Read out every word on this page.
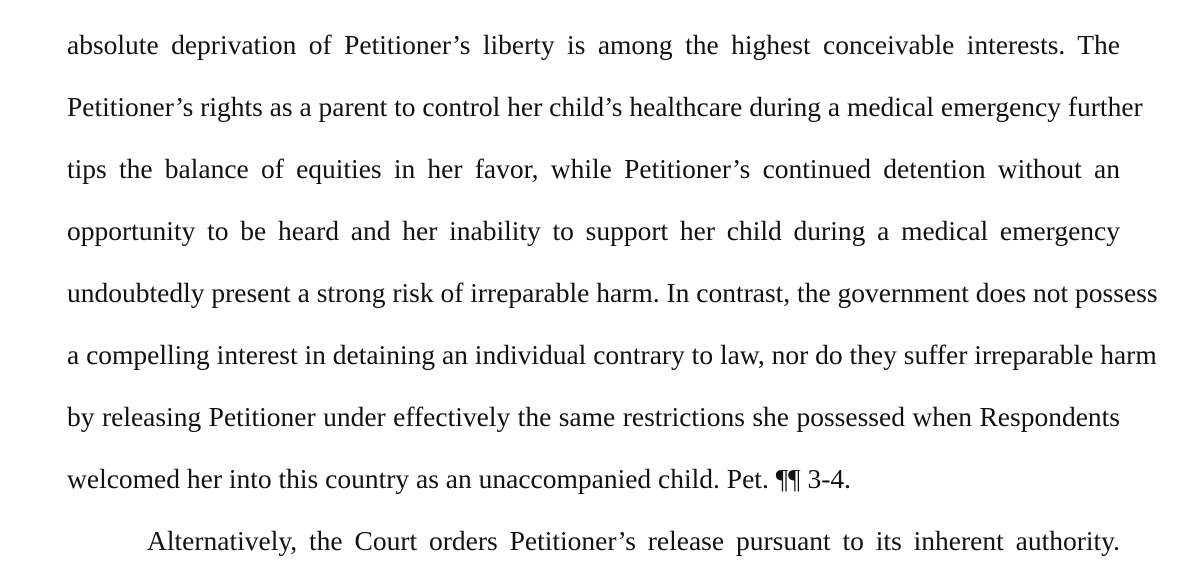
absolute deprivation of Petitioner’s liberty is among the highest conceivable interests. The
Petitioner’s rights as a parent to control her child’s healthcare during a medical emergency further
tips the balance of equities in her favor, while Petitioner’s continued detention without an
opportunity to be heard and her inability to support her child during a medical emergency
undoubtedly present a strong risk of irreparable harm. In contrast, the government does not possess
a compelling interest in detaining an individual contrary to law, nor do they suffer irreparable harm
by releasing Petitioner under effectively the same restrictions she possessed when Respondents
welcomed her into this country as an unaccompanied child. Pet. ¶¶ 3-4.
Alternatively, the Court orders Petitioner’s release pursuant to its inherent authority.
